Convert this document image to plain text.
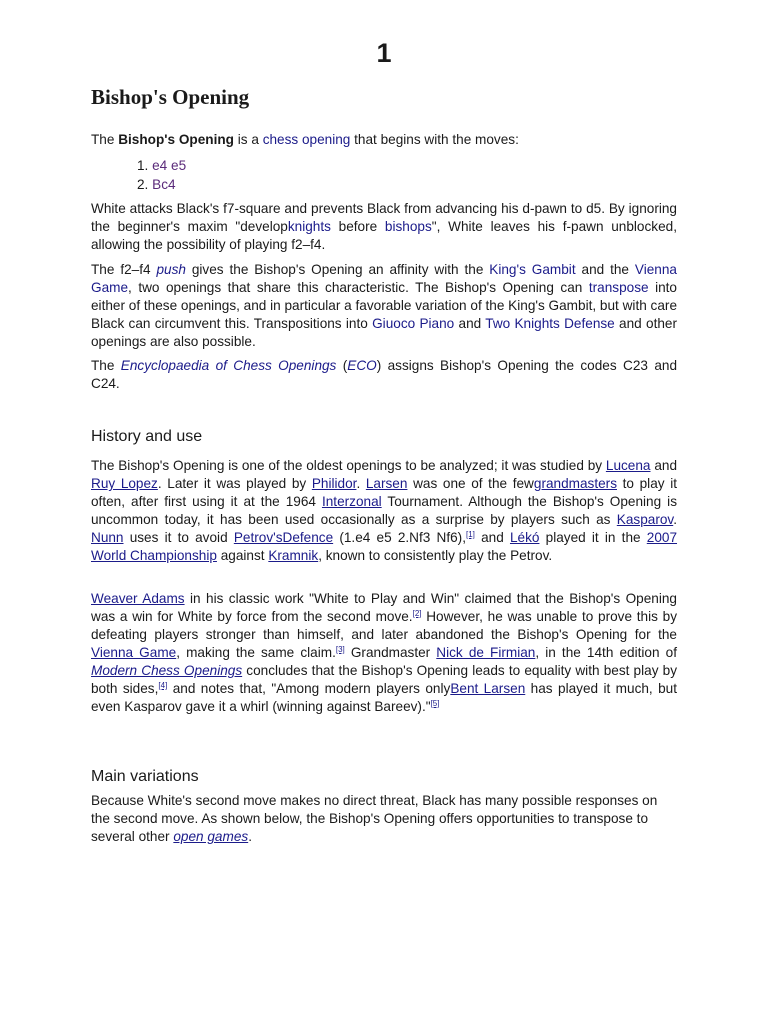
1
Bishop's Opening

The Bishop's Opening is a chess opening that begins with the moves:

1. e4 e5
2. Bc4

White attacks Black's f7-square and prevents Black from advancing his d-pawn to d5. By ignoring the beginner's maxim "developknights before bishops", White leaves his f-pawn unblocked, allowing the possibility of playing f2–f4.

The f2–f4 push gives the Bishop's Opening an affinity with the King's Gambit and the Vienna Game, two openings that share this characteristic. The Bishop's Opening can transpose into either of these openings, and in particular a favorable variation of the King's Gambit, but with care Black can circumvent this. Transpositions into Giuoco Piano and Two Knights Defense and other openings are also possible.

The Encyclopaedia of Chess Openings (ECO) assigns Bishop's Opening the codes C23 and C24.

History and use

The Bishop's Opening is one of the oldest openings to be analyzed; it was studied by Lucena and Ruy Lopez. Later it was played by Philidor. Larsen was one of the fewgrandmasters to play it often, after first using it at the 1964 Interzonal Tournament. Although the Bishop's Opening is uncommon today, it has been used occasionally as a surprise by players such as Kasparov. Nunn uses it to avoid Petrov'sDefence (1.e4 e5 2.Nf3 Nf6),[1] and Lékó played it in the 2007 World Championship against Kramnik, known to consistently play the Petrov.

Weaver Adams in his classic work "White to Play and Win" claimed that the Bishop's Opening was a win for White by force from the second move.[2] However, he was unable to prove this by defeating players stronger than himself, and later abandoned the Bishop's Opening for the Vienna Game, making the same claim.[3] Grandmaster Nick de Firmian, in the 14th edition of Modern Chess Openings concludes that the Bishop's Opening leads to equality with best play by both sides,[4] and notes that, "Among modern players onlyBent Larsen has played it much, but even Kasparov gave it a whirl (winning against Bareev)."[5]

Main variations

Because White's second move makes no direct threat, Black has many possible responses on the second move. As shown below, the Bishop's Opening offers opportunities to transpose to several other open games.
